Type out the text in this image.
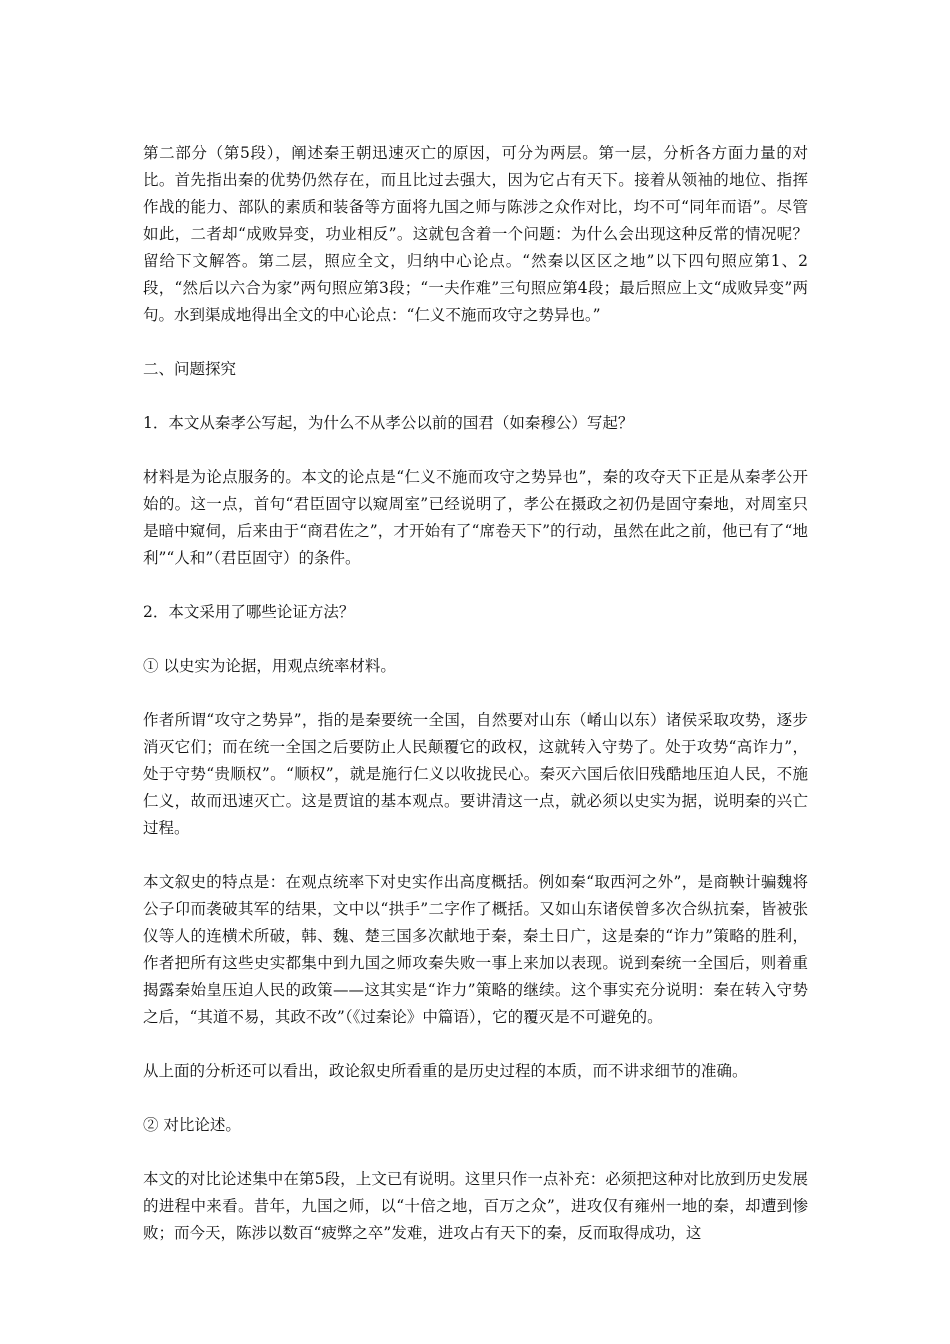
第二部分（第5段），阐述秦王朝迅速灭亡的原因，可分为两层。第一层，分析各方面力量的对比。首先指出秦的优势仍然存在，而且比过去强大，因为它占有天下。接着从领袖的地位、指挥作战的能力、部队的素质和装备等方面将九国之师与陈涉之众作对比，均不可“同年而语”。尽管如此，二者却“成败异变，功业相反”。这就包含着一个问题：为什么会出现这种反常的情况呢？留给下文解答。第二层，照应全文，归纳中心论点。“然秦以区区之地”以下四句照应第1、2段，“然后以六合为家”两句照应第3段；“一夫作难”三句照应第4段；最后照应上文“成败异变”两句。水到渠成地得出全文的中心论点：“仁义不施而攻守之势异也。”

二、问题探究

1．本文从秦孝公写起，为什么不从孝公以前的国君（如秦穆公）写起？

材料是为论点服务的。本文的论点是“仁义不施而攻守之势异也”，秦的攻夺天下正是从秦孝公开始的。这一点，首句“君臣固守以窥周室”已经说明了，孝公在摄政之初仍是固守秦地，对周室只是暗中窥伺，后来由于“商君佐之”，才开始有了“席卷天下”的行动，虽然在此之前，他已有了“地利”“人和”（君臣固守）的条件。

2．本文采用了哪些论证方法？

① 以史实为论据，用观点统率材料。

作者所谓“攻守之势异”，指的是秦要统一全国，自然要对山东（崤山以东）诸侯采取攻势，逐步消灭它们；而在统一全国之后要防止人民颠覆它的政权，这就转入守势了。处于攻势“高诈力”，处于守势“贵顺权”。“顺权”，就是施行仁义以收拢民心。秦灭六国后依旧残酷地压迫人民，不施仁义，故而迅速灭亡。这是贾谊的基本观点。要讲清这一点，就必须以史实为据，说明秦的兴亡过程。

本文叙史的特点是：在观点统率下对史实作出高度概括。例如秦“取西河之外”，是商鞅计骗魏将公子卬而袭破其军的结果，文中以“拱手”二字作了概括。又如山东诸侯曾多次合纵抗秦，皆被张仪等人的连横术所破，韩、魏、楚三国多次献地于秦，秦土日广，这是秦的“诈力”策略的胜利，作者把所有这些史实都集中到九国之师攻秦失败一事上来加以表现。说到秦统一全国后，则着重揭露秦始皇压迫人民的政策——这其实是“诈力”策略的继续。这个事实充分说明：秦在转入守势之后，“其道不易，其政不改”（《过秦论》中篇语），它的覆灭是不可避免的。

从上面的分析还可以看出，政论叙史所看重的是历史过程的本质，而不讲求细节的准确。

② 对比论述。

本文的对比论述集中在第5段，上文已有说明。这里只作一点补充：必须把这种对比放到历史发展的进程中来看。昔年，九国之师，以“十倍之地，百万之众”，进攻仅有雍州一地的秦，却遭到惨败；而今天，陈涉以数百“疲弊之卒”发难，进攻占有天下的秦，反而取得成功，这
